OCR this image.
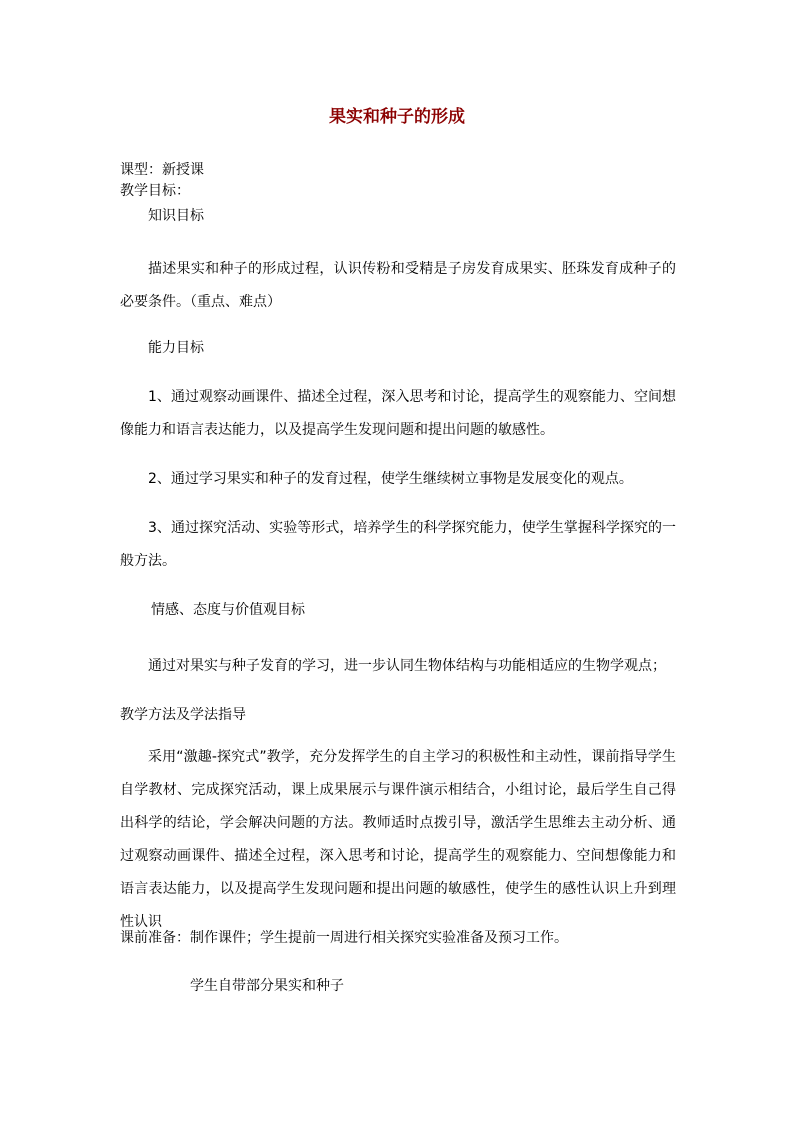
果实和种子的形成
课型：新授课
教学目标：
知识目标
描述果实和种子的形成过程，认识传粉和受精是子房发育成果实、胚珠发育成种子的必要条件。（重点、难点）
能力目标
1、通过观察动画课件、描述全过程，深入思考和讨论，提高学生的观察能力、空间想像能力和语言表达能力，以及提高学生发现问题和提出问题的敏感性。
2、通过学习果实和种子的发育过程，使学生继续树立事物是发展变化的观点。
3、通过探究活动、实验等形式，培养学生的科学探究能力，使学生掌握科学探究的一般方法。
情感、态度与价值观目标
通过对果实与种子发育的学习，进一步认同生物体结构与功能相适应的生物学观点；
教学方法及学法指导
采用“激趣-探究式”教学，充分发挥学生的自主学习的积极性和主动性，课前指导学生自学教材、完成探究活动，课上成果展示与课件演示相结合，小组讨论，最后学生自己得出科学的结论，学会解决问题的方法。教师适时点拨引导，激活学生思维去主动分析、通过观察动画课件、描述全过程，深入思考和讨论，提高学生的观察能力、空间想像能力和语言表达能力，以及提高学生发现问题和提出问题的敏感性，使学生的感性认识上升到理性认识
课前准备：制作课件；学生提前一周进行相关探究实验准备及预习工作。
学生自带部分果实和种子
